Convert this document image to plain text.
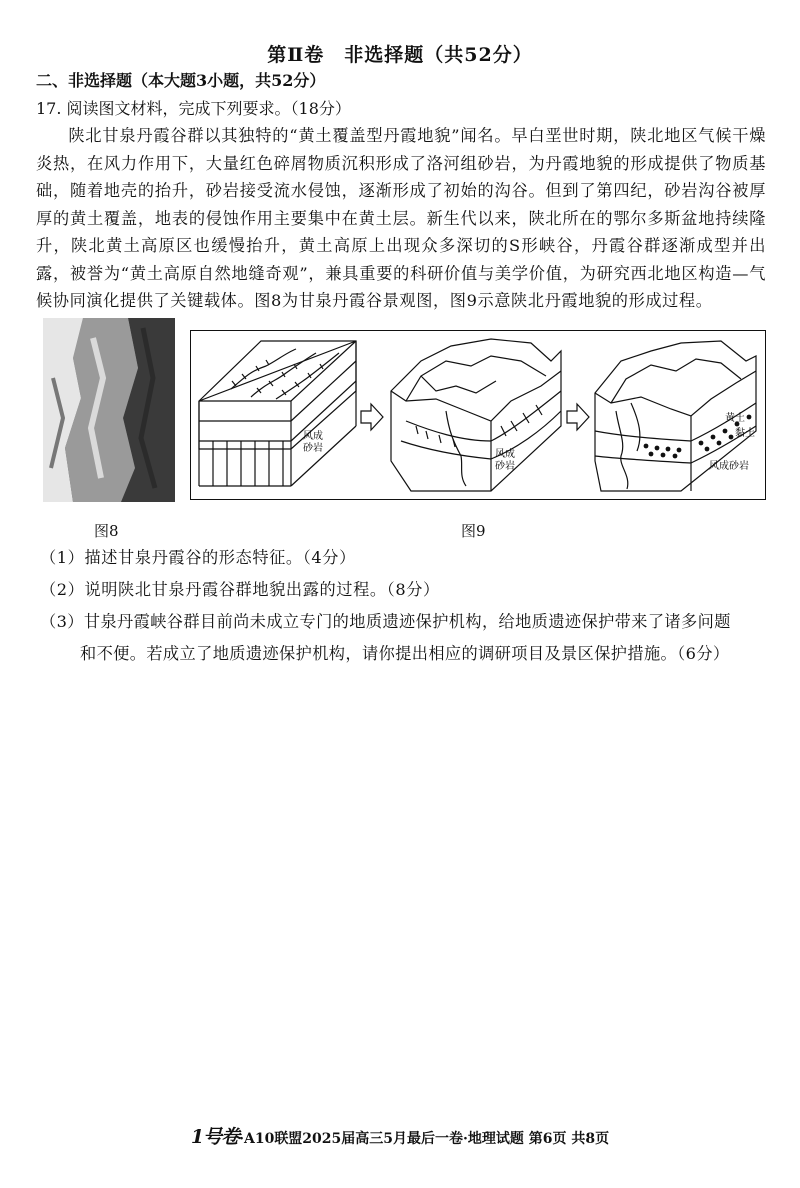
第Ⅱ卷　非选择题（共52分）
二、非选择题（本大题3小题，共52分）
17. 阅读图文材料，完成下列要求。（18分）
陕北甘泉丹霞谷群以其独特的“黄土覆盖型丹霞地貌”闻名。早白垩世时期，陕北地区气候干燥炎热，在风力作用下，大量红色碎屑物质沉积形成了洛河组砂岩，为丹霞地貌的形成提供了物质基础，随着地壳的抬升，砂岩接受流水侵蚀，逐渐形成了初始的沟谷。但到了第四纪，砂岩沟谷被厚厚的黄土覆盖，地表的侵蚀作用主要集中在黄土层。新生代以来，陕北所在的鄂尔多斯盆地持续隆升，陕北黄土高原区也缓慢抬升，黄土高原上出现众多深切的S形峡谷，丹霞谷群逐渐成型并出露，被誉为“黄土高原自然地缝奇观”，兼具重要的科研价值与美学价值，为研究西北地区构造—气候协同演化提供了关键载体。图8为甘泉丹霞谷景观图，图9示意陕北丹霞地貌的形成过程。
风成
砂岩
风成
砂岩
黄土
黏土
风成砂岩
图8	图9
（1）描述甘泉丹霞谷的形态特征。（4分）
（2）说明陕北甘泉丹霞谷群地貌出露的过程。（8分）
（3）甘泉丹霞峡谷群目前尚未成立专门的地质遗迹保护机构，给地质遗迹保护带来了诸多问题
和不便。若成立了地质遗迹保护机构，请你提出相应的调研项目及景区保护措施。（6分）
1号卷·A10联盟2025届高三5月最后一卷·地理试题 第6页 共8页
